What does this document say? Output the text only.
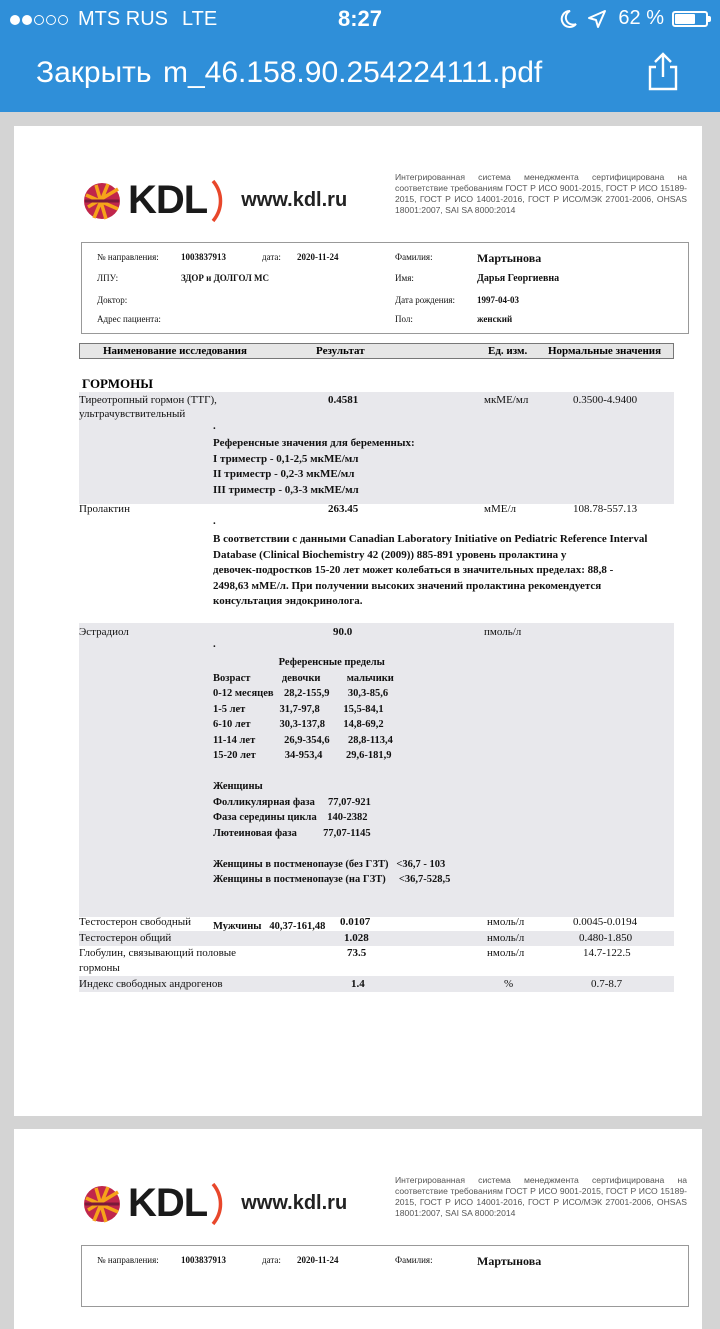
MTS RUS LTE	8:27	62 %
Закрыть m_46.158.90.254224111.pdf
KDL www.kdl.ru
Интегрированная система менеджмента сертифицирована на соответствие требованиям ГОСТ Р ИСО 9001-2015, ГОСТ Р ИСО 15189-2015, ГОСТ Р ИСО 14001-2016, ГОСТ Р ИСО/МЭК 27001-2006, OHSAS 18001:2007, SAI SA 8000:2014
№ направления: 1003837913	дата: 2020-11-24
ЛПУ:	ЗДОР и ДОЛГОЛ МС
Доктор:
Адрес пациента:
Фамилия:	Мартынова
Имя:	Дарья Георгиевна
Дата рождения: 1997-04-03
Пол:	женский
Наименование исследования	Результат	Ед. изм. Нормальные значения
ГОРМОНЫ
Тиреотропный гормон (ТТГ),
ультрачувствительный
0.4581	мкМЕ/мл	0.3500-4.9400
.
Референсные значения для беременных:
I триместр - 0,1-2,5 мкМЕ/мл
II триместр - 0,2-3 мкМЕ/мл
III триместр - 0,3-3 мкМЕ/мл
Пролактин	263.45	мМЕ/л	108.78-557.13
.
В соответствии с данными Canadian Laboratory Initiative on Pediatric Reference Interval
Database (Clinical Biochemistry 42 (2009)) 885-891 уровень пролактина у
девочек-подростков 15-20 лет может колебаться в значительных пределах: 88,8 -
2498,63 мМЕ/л. При получении высоких значений пролактина рекомендуется
консультация эндокринолога.
Эстрадиол	90.0	пмоль/л
.
Референсные пределы
Возраст            девочки          мальчики
0-12 месяцев    28,2-155,9       30,3-85,6
1-5 лет             31,7-97,8         15,5-84,1
6-10 лет           30,3-137,8       14,8-69,2
11-14 лет           26,9-354,6       28,8-113,4
15-20 лет           34-953,4         29,6-181,9

Женщины
Фолликулярная фаза     77,07-921
Фаза середины цикла    140-2382
Лютеиновая фаза          77,07-1145

Женщины в постменопаузе (без ГЗТ)   <36,7 - 103
Женщины в постменопаузе (на ГЗТ)     <36,7-528,5

Мужчины   40,37-161,48
Тестостерон свободный	0.0107	нмоль/л	0.0045-0.0194
Тестостерон общий	1.028	нмоль/л	0.480-1.850
Глобулин, связывающий половые
гормоны
73.5	нмоль/л	14.7-122.5
Индекс свободных андрогенов	1.4	%	0.7-8.7
KDL www.kdl.ru
Интегрированная система менеджмента сертифицирована на соответствие требованиям ГОСТ Р ИСО 9001-2015, ГОСТ Р ИСО 15189-2015, ГОСТ Р ИСО 14001-2016, ГОСТ Р ИСО/МЭК 27001-2006, OHSAS 18001:2007, SAI SA 8000:2014
№ направления: 1003837913	дата: 2020-11-24	Фамилия:	Мартынова
